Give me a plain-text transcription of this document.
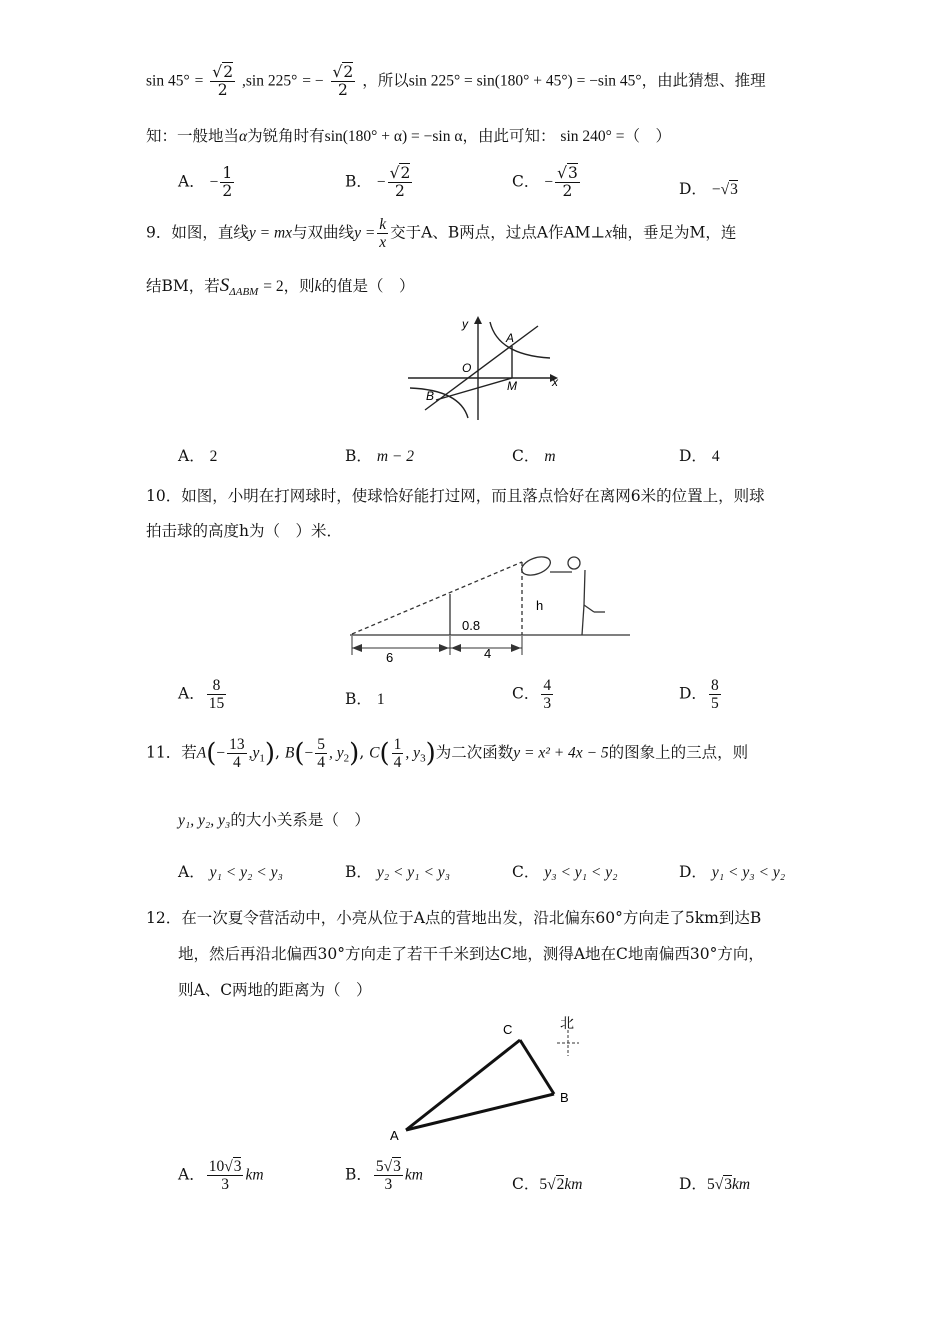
$\sin 45^\circ = \frac{√2}{2} ,\sin$ 225° = − $\frac{√2}{2}$ ，所以sin 225° = sin(180° + 45°) = −sin 45°，由此猜想、推理
知：一般地当α为锐角时有sin(180° + α) = −sin α，由此可知： sin 240° =（　）
A． − $\frac{1}{2}$	B． − $\frac{√2}{2}$	C． − $\frac{√3}{2}$	D． −√3
9．如图，直线y = mx与双曲线$y = \frac{k}{x}$ 交于A、B两点，过点A作AM⊥x轴，垂足为M，连
结BM，若$S_{\Delta ABM} = 2$，则k的值是（　）
y
x
O
A
B
M
A． 2	B． m − 2	C． m	D． 4
10．如图，小明在打网球时，使球恰好能打过网，而且落点恰好在离网6米的位置上，则球
拍击球的高度h为（　）米．
h
0.8
6	4
A． $\frac{8}{15}$	B． 1	C． $\frac{4}{3}$	D． $\frac{8}{5}$
11．若$A(- \frac{13}{4} ,y_1)$, $B(- \frac{5}{4}$ , $y_2$), $C( \frac{1}{4}$ , $y_3$)为二次函数y = x² + 4x − 5的图象上的三点，则
y₁, y₂, y₃的大小关系是（　）
A． y₁ < y₂ < y₃	B． y₂ < y₁ < y₃	C． y₃ < y₁ < y₂	D． y₁ < y₃ < y₂
12．在一次夏令营活动中，小亮从位于A点的营地出发，沿北偏东60°方向走了5km到达B
地，然后再沿北偏西30°方向走了若干千米到达C地，测得A地在C地南偏西30°方向，
则A、C两地的距离为（　）
C	北
B
A
A． $\frac{10√3}{3}$ km	B． $\frac{5√3}{3}$ km	C．5√2km	D．5√3km
